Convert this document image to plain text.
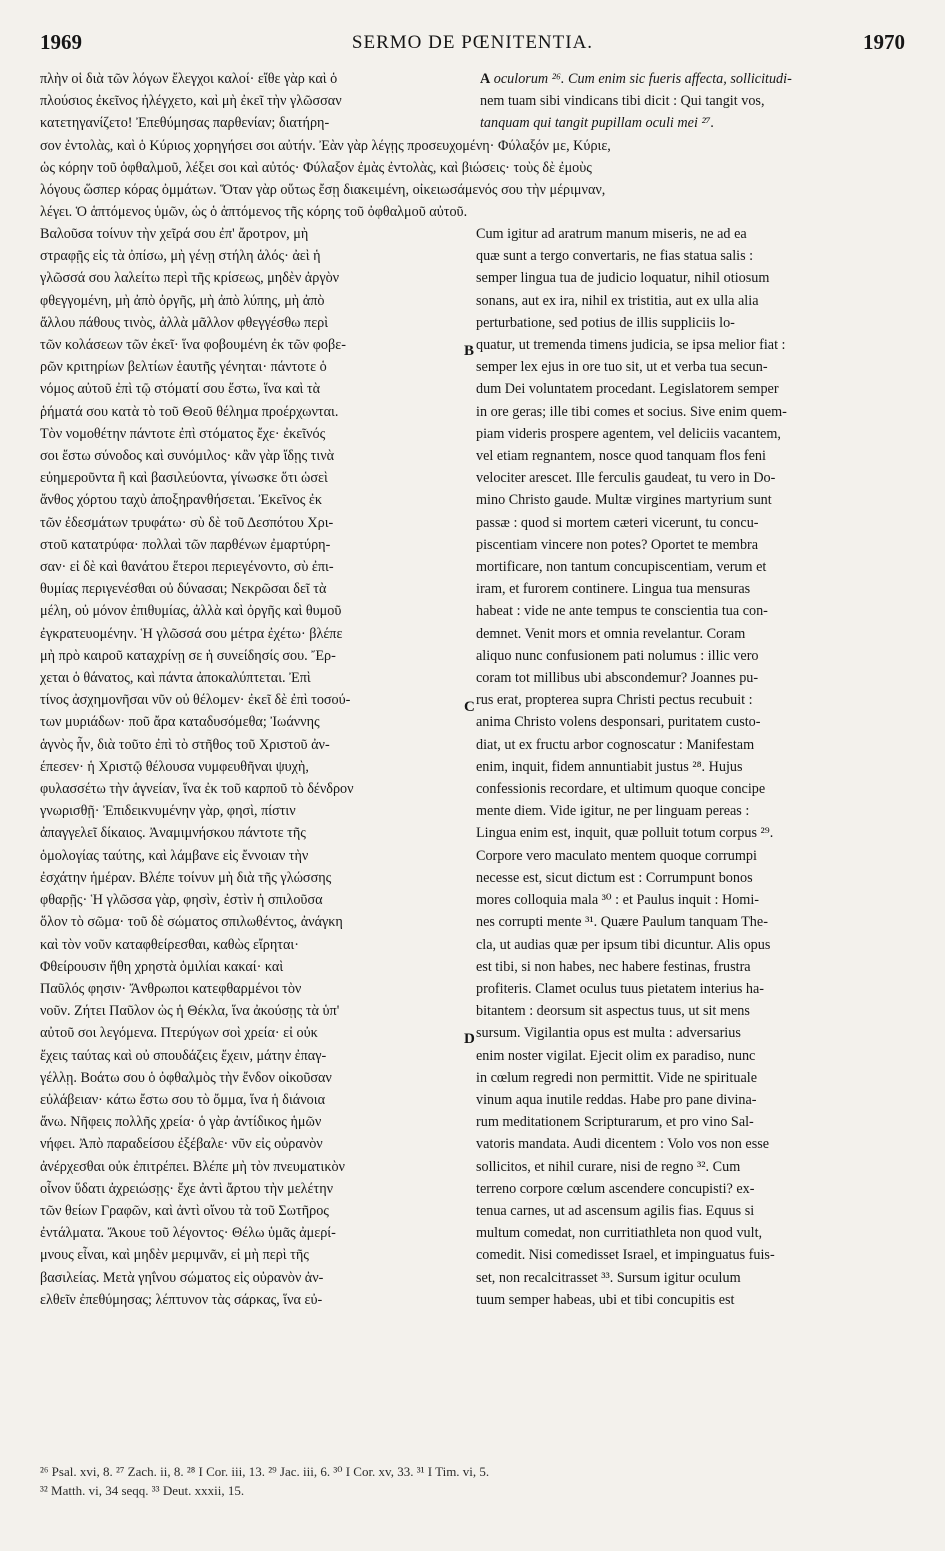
1969	SERMO DE PŒNITENTIA.	1970
πλὴν οἱ διὰ τῶν λόγων ἔλεγχοι καλοί· εἴθε γὰρ καὶ ὁ
πλούσιος ἐκεῖνος ἠλέγχετο, καὶ μὴ ἐκεῖ τὴν γλῶσσαν
κατετηγανίζετο! Ἐπεθύμησας παρθενίαν; διατήρη-
A oculorum ²⁶. Cum enim sic fueris affecta, sollicitudi-
nem tuam sibi vindicans tibi dicit : Qui tangit vos,
tanquam qui tangit pupillam oculi mei ²⁷.
σον ἐντολὰς, καὶ ὁ Κύριος χορηγήσει σοι αὐτήν. Ἐὰν γὰρ λέγῃς προσευχομένη· Φύλαξόν με, Κύριε,
ὡς κόρην τοῦ ὀφθαλμοῦ, λέξει σοι καὶ αὐτός· Φύλαξον ἐμὰς ἐντολὰς, καὶ βιώσεις· τοὺς δὲ ἐμοὺς
λόγους ὥσπερ κόρας ὀμμάτων. Ὅταν γὰρ οὕτως ἔσῃ διακειμένη, οἰκειωσάμενός σου τὴν μέριμναν,
λέγει. Ὁ ἁπτόμενος ὑμῶν, ὡς ὁ ἁπτόμενος τῆς κόρης τοῦ ὀφθαλμοῦ αὐτοῦ.
Βαλοῦσα τοίνυν τὴν χεῖρά σου ἐπ' ἄροτρον, μὴ
στραφῇς εἰς τὰ ὀπίσω, μὴ γένῃ στήλη ἁλός· ἀεὶ ἡ
γλῶσσά σου λαλείτω περὶ τῆς κρίσεως, μηδὲν ἀργὸν
φθεγγομένη, μὴ ἀπὸ ὀργῆς, μὴ ἀπὸ λύπης, μὴ ἀπὸ
ἄλλου πάθους τινὸς, ἀλλὰ μᾶλλον φθεγγέσθω περὶ
τῶν κολάσεων τῶν ἐκεῖ· ἵνα φοβουμένη ἐκ τῶν φοβε-
ρῶν κριτηρίων βελτίων ἑαυτῆς γένηται· πάντοτε ὁ
νόμος αὐτοῦ ἐπὶ τῷ στόματί σου ἔστω, ἵνα καὶ τὰ
ῥήματά σου κατὰ τὸ τοῦ Θεοῦ θέλημα προέρχωνται.
Τὸν νομοθέτην πάντοτε ἐπὶ στόματος ἔχε· ἐκεῖνός
σοι ἔστω σύνοδος καὶ συνόμιλος· κἂν γὰρ ἴδῃς τινὰ
εὐημεροῦντα ἢ καὶ βασιλεύοντα, γίνωσκε ὅτι ὡσεὶ
ἄνθος χόρτου ταχὺ ἀποξηρανθήσεται. Ἐκεῖνος ἐκ
τῶν ἐδεσμάτων τρυφάτω· σὺ δὲ τοῦ Δεσπότου Χρι-
στοῦ κατατρύφα· πολλαὶ τῶν παρθένων ἐμαρτύρη-
σαν· εἰ δὲ καὶ θανάτου ἕτεροι περιεγένοντο, σὺ ἐπι-
θυμίας περιγενέσθαι οὐ δύνασαι; Νεκρῶσαι δεῖ τὰ
μέλη, οὐ μόνον ἐπιθυμίας, ἀλλὰ καὶ ὀργῆς καὶ θυμοῦ
ἐγκρατευομένην. Ἡ γλῶσσά σου μέτρα ἐχέτω· βλέπε
μὴ πρὸ καιροῦ καταχρίνῃ σε ἡ συνείδησίς σου. Ἔρ-
χεται ὁ θάνατος, καὶ πάντα ἀποκαλύπτεται. Ἐπὶ
τίνος ἀσχημονῆσαι νῦν οὐ θέλομεν· ἐκεῖ δὲ ἐπὶ τοσού-
των μυριάδων· ποῦ ἄρα καταδυσόμεθα; Ἰωάννης
ἁγνὸς ἦν, διὰ τοῦτο ἐπὶ τὸ στῆθος τοῦ Χριστοῦ ἀν-
έπεσεν· ἡ Χριστῷ θέλουσα νυμφευθῆναι ψυχὴ,
φυλασσέτω τὴν ἁγνείαν, ἵνα ἐκ τοῦ καρποῦ τὸ δένδρον
γνωρισθῇ· Ἐπιδεικνυμένην γὰρ, φησὶ, πίστιν
ἀπαγγελεῖ δίκαιος. Ἀναμιμνήσκου πάντοτε τῆς
ὁμολογίας ταύτης, καὶ λάμβανε εἰς ἔννοιαν τὴν
ἐσχάτην ἡμέραν. Βλέπε τοίνυν μὴ διὰ τῆς γλώσσης
φθαρῇς· Ἡ γλῶσσα γὰρ, φησὶν, ἐστὶν ἡ σπιλοῦσα
ὅλον τὸ σῶμα· τοῦ δὲ σώματος σπιλωθέντος, ἀνάγκη
καὶ τὸν νοῦν καταφθείρεσθαι, καθὼς εἴρηται·
Φθείρουσιν ἤθη χρηστὰ ὁμιλίαι κακαί· καὶ
Παῦλός φησιν· Ἄνθρωποι κατεφθαρμένοι τὸν
νοῦν. Ζήτει Παῦλον ὡς ἡ Θέκλα, ἵνα ἀκούσῃς τὰ ὑπ'
αὐτοῦ σοι λεγόμενα. Πτερύγων σοὶ χρεία· εἰ οὐκ
ἔχεις ταύτας καὶ οὐ σπουδάζεις ἔχειν, μάτην ἐπαγ-
γέλλῃ. Βοάτω σου ὁ ὀφθαλμὸς τὴν ἔνδον οἰκοῦσαν
εὐλάβειαν· κάτω ἔστω σου τὸ ὄμμα, ἵνα ἡ διάνοια
ἄνω. Νῆφεις πολλῆς χρεία· ὁ γὰρ ἀντίδικος ἡμῶν
νήφει. Ἀπὸ παραδείσου ἐξέβαλε· νῦν εἰς οὐρανὸν
ἀνέρχεσθαι οὐκ ἐπιτρέπει. Βλέπε μὴ τὸν πνευματικὸν
οἶνον ὕδατι ἀχρειώσῃς· ἔχε ἀντὶ ἄρτου τὴν μελέτην
τῶν θείων Γραφῶν, καὶ ἀντὶ οἴνου τὰ τοῦ Σωτῆρος
ἐντάλματα. Ἄκουε τοῦ λέγοντος· Θέλω ὑμᾶς ἀμερί-
μνους εἶναι, καὶ μηδὲν μεριμνᾶν, εἰ μὴ περὶ τῆς
βασιλείας. Μετὰ γηΐνου σώματος εἰς οὐρανὸν ἀν-
ελθεῖν ἐπεθύμησας; λέπτυνον τὰς σάρκας, ἵνα εὐ-
Cum igitur ad aratrum manum miseris, ne ad ea
quæ sunt a tergo convertaris, ne fias statua salis :
semper lingua tua de judicio loquatur, nihil otiosum
sonans, aut ex ira, nihil ex tristitia, aut ex ulla alia
perturbatione, sed potius de illis suppliciis lo-
quatur, ut tremenda timens judicia, se ipsa melior fiat :
semper lex ejus in ore tuo sit, ut et verba tua secun-
dum Dei voluntatem procedant. Legislatorem semper
in ore geras; ille tibi comes et socius. Sive enim quem-
piam videris prospere agentem, vel deliciis vacantem,
vel etiam regnantem, nosce quod tanquam flos feni
velociter arescet. Ille ferculis gaudeat, tu vero in Do-
mino Christo gaude. Multæ virgines martyrium sunt
passæ : quod si mortem cæteri vicerunt, tu concu-
piscentiam vincere non potes? Oportet te membra
mortificare, non tantum concupiscentiam, verum et
iram, et furorem continere. Lingua tua mensuras
habeat : vide ne ante tempus te conscientia tua con-
demnet. Venit mors et omnia revelantur. Coram
aliquo nunc confusionem pati nolumus : illic vero
coram tot millibus ubi abscondemur? Joannes pu-
rus erat, propterea supra Christi pectus recubuit :
anima Christo volens desponsari, puritatem custo-
diat, ut ex fructu arbor cognoscatur : Manifestam
enim, inquit, fidem annuntiabit justus ²⁸. Hujus
confessionis recordare, et ultimum quoque concipe
mente diem. Vide igitur, ne per linguam pereas :
Lingua enim est, inquit, quæ polluit totum corpus ²⁹.
Corpore vero maculato mentem quoque corrumpi
necesse est, sicut dictum est : Corrumpunt bonos
mores colloquia mala ³⁰ : et Paulus inquit : Homi-
nes corrupti mente ³¹. Quære Paulum tanquam The-
cla, ut audias quæ per ipsum tibi dicuntur. Alis opus
est tibi, si non habes, nec habere festinas, frustra
profiteris. Clamet oculus tuus pietatem interius ha-
bitantem : deorsum sit aspectus tuus, ut sit mens
sursum. Vigilantia opus est multa : adversarius
enim noster vigilat. Ejecit olim ex paradiso, nunc
in cœlum regredi non permittit. Vide ne spirituale
vinum aqua inutile reddas. Habe pro pane divina-
rum meditationem Scripturarum, et pro vino Sal-
vatoris mandata. Audi dicentem : Volo vos non esse
sollicitos, et nihil curare, nisi de regno ³². Cum
terreno corpore cœlum ascendere concupisti? ex-
tenua carnes, ut ad ascensum agilis fias. Equus si
multum comedat, non curritiathleta non quod vult,
comedit. Nisi comedisset Israel, et impinguatus fuis-
set, non recalcitrasset ³³. Sursum igitur oculum
tuum semper habeas, ubi et tibi concupitis est
B
C
D
²⁶ Psal. xvi, 8. ²⁷ Zach. ii, 8. ²⁸ I Cor. iii, 13. ²⁹ Jac. iii, 6. ³⁰ I Cor. xv, 33. ³¹ I Tim. vi, 5.
³² Matth. vi, 34 seqq. ³³ Deut. xxxii, 15.
